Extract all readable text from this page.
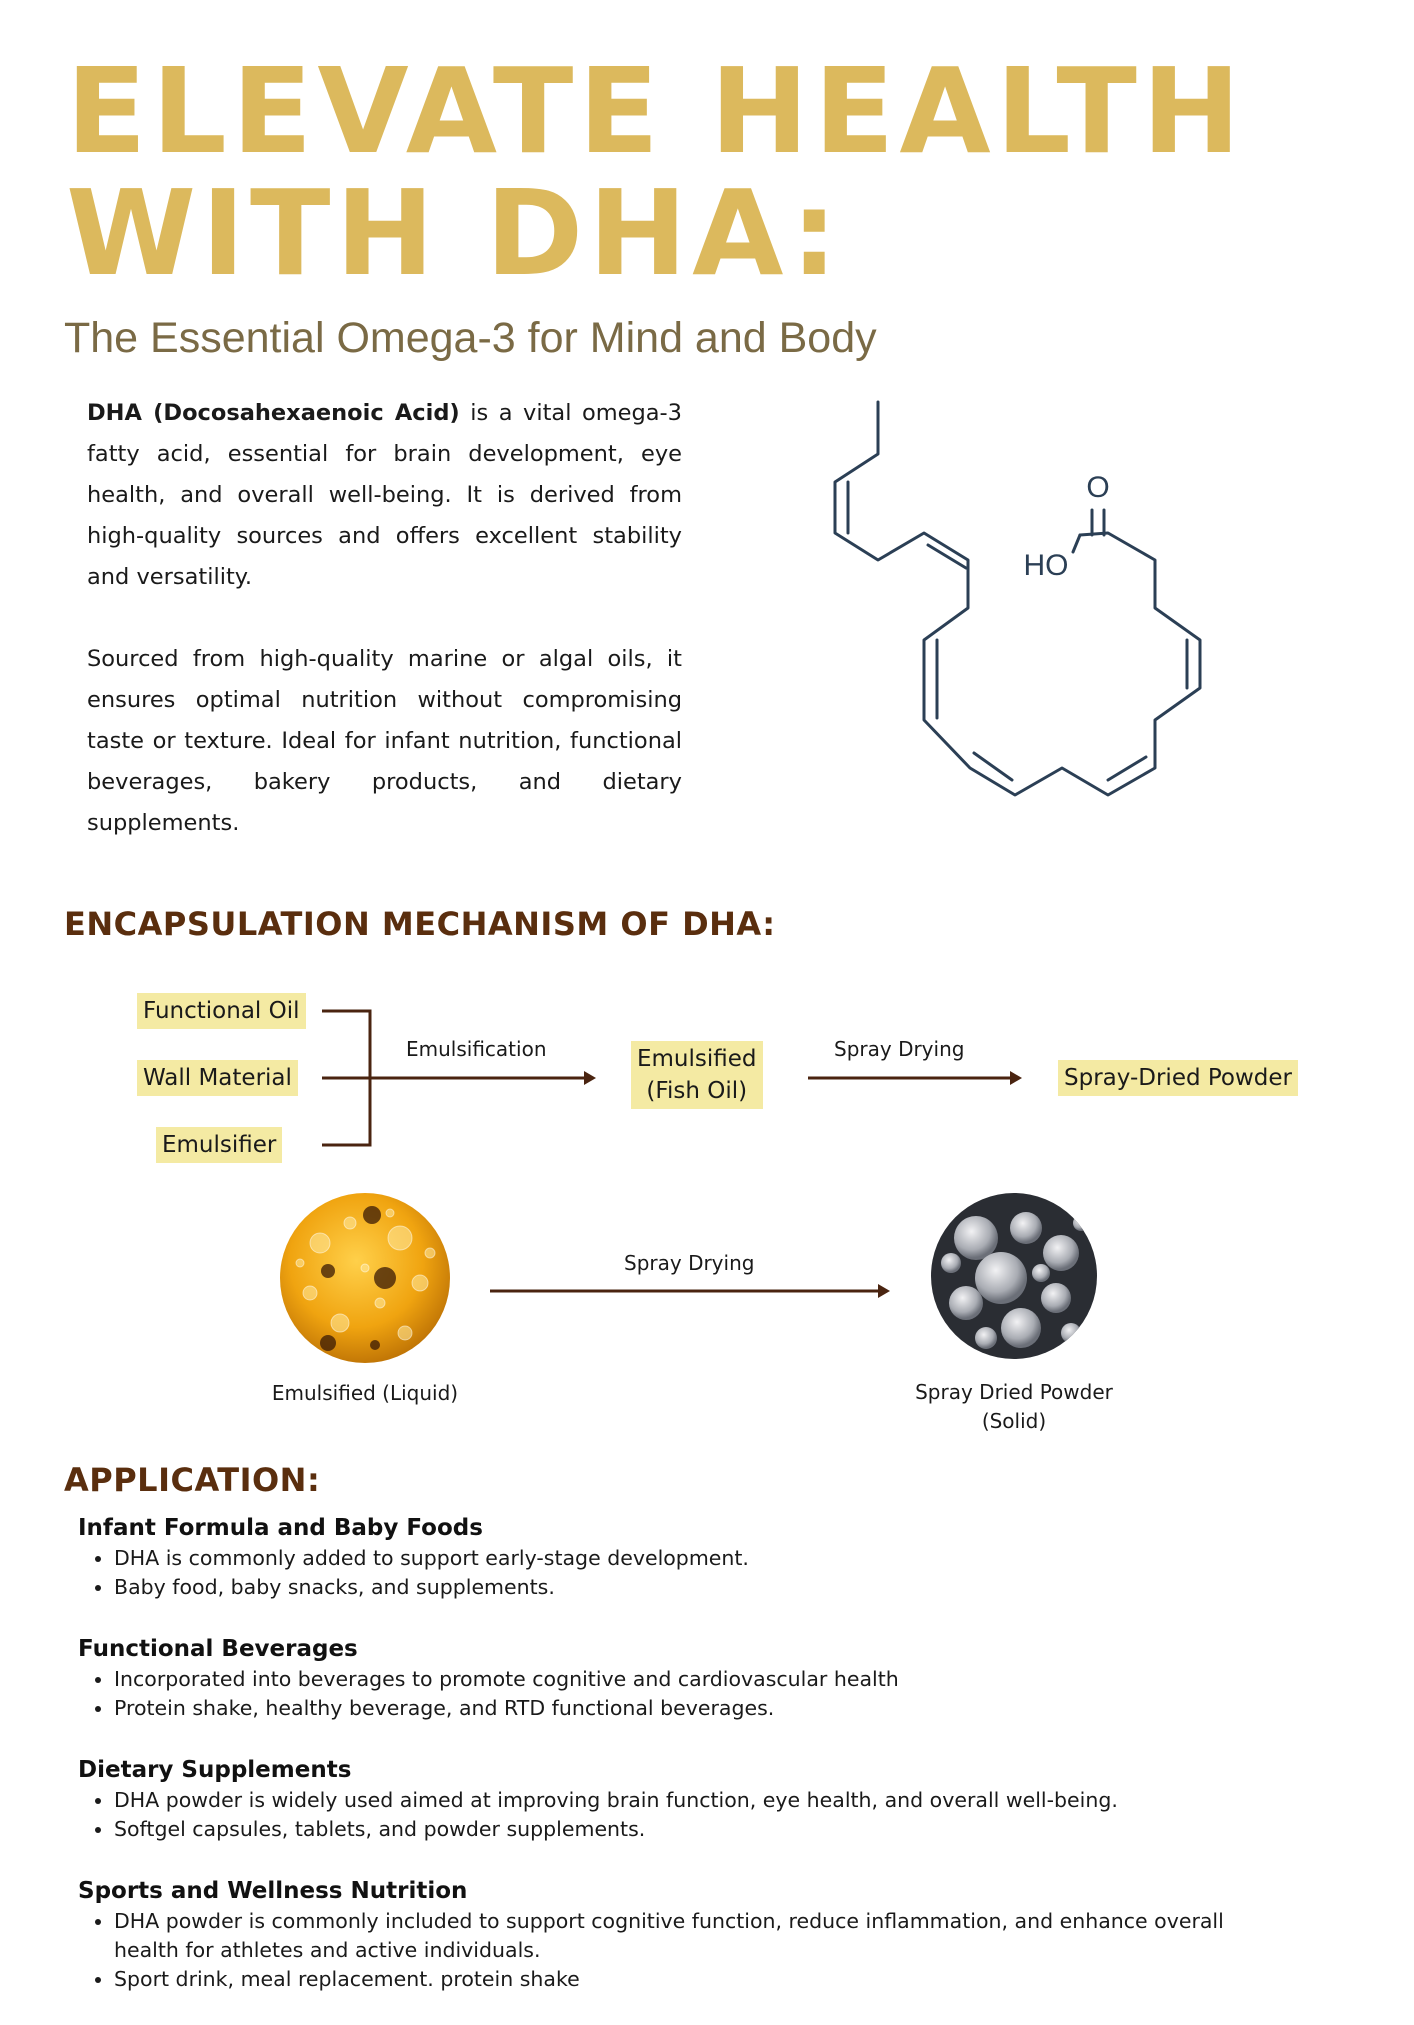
ELEVATE HEALTH
WITH DHA:
The Essential Omega-3 for Mind and Body

DHA (Docosahexaenoic Acid) is a vital omega-3 fatty acid, essential for brain development, eye health, and overall well-being. It is derived from high-quality sources and offers excellent stability and versatility.

Sourced from high-quality marine or algal oils, it ensures optimal nutrition without compromising taste or texture. Ideal for infant nutrition, functional beverages, bakery products, and dietary supplements.

O
HO
ENCAPSULATION MECHANISM OF DHA:
Functional Oil
Wall Material
Emulsifier
Emulsification	Emulsified
(Fish Oil)
Spray Drying
Spray-Dried Powder
Spray Drying
Emulsified (Liquid)	Spray Dried Powder
(Solid)
APPLICATION:
Infant Formula and Baby Foods
• DHA is commonly added to support early-stage development.
• Baby food, baby snacks, and supplements.
Functional Beverages
• Incorporated into beverages to promote cognitive and cardiovascular health
• Protein shake, healthy beverage, and RTD functional beverages.
Dietary Supplements
• DHA powder is widely used aimed at improving brain function, eye health, and overall well-being.
• Softgel capsules, tablets, and powder supplements.
Sports and Wellness Nutrition
• DHA powder is commonly included to support cognitive function, reduce inflammation, and enhance overall health for athletes and active individuals.
• Sport drink, meal replacement. protein shake
